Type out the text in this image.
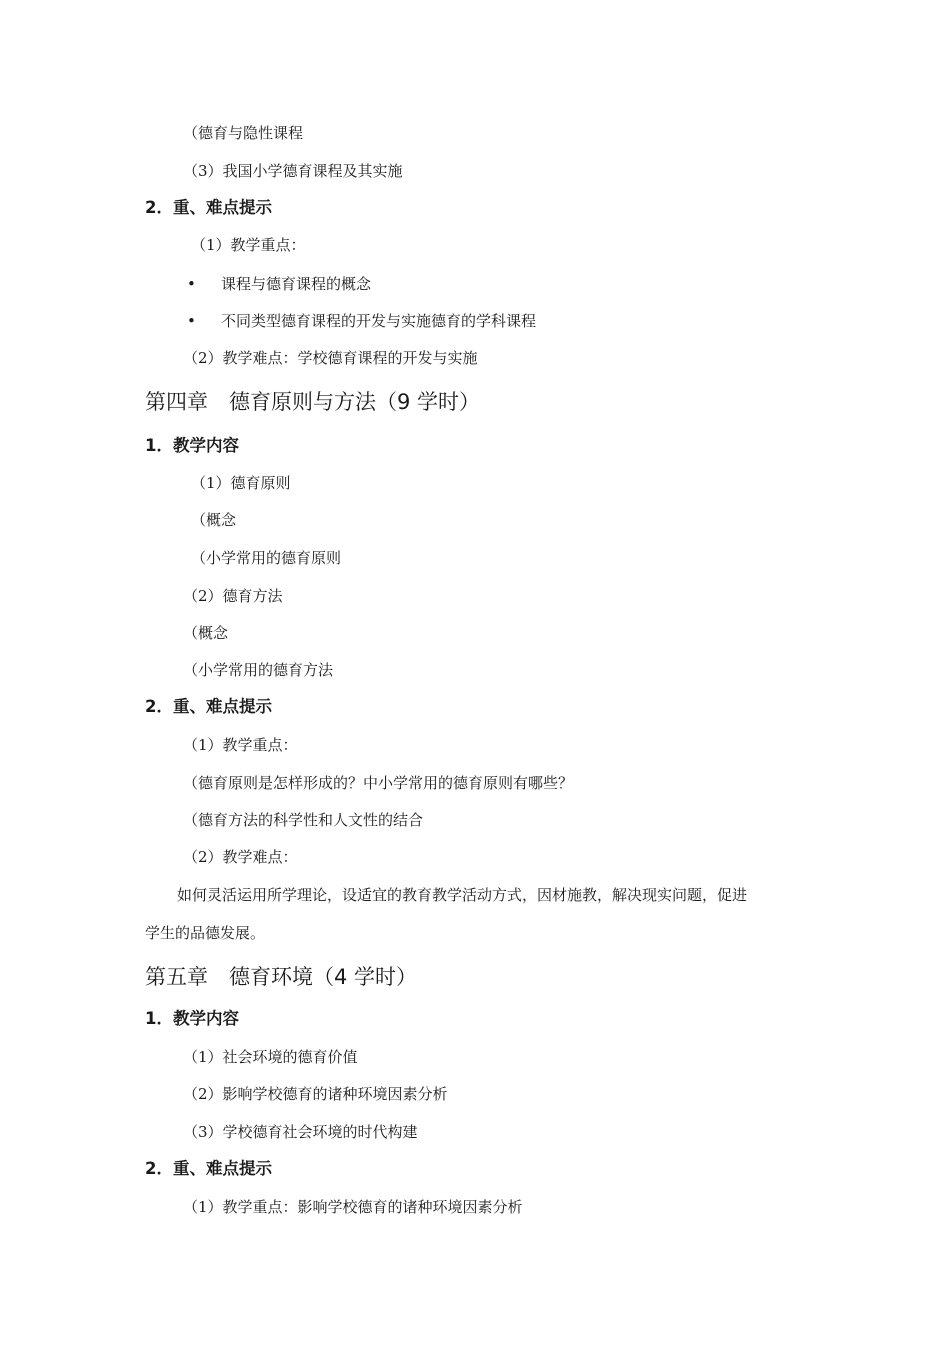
（德育与隐性课程
（3）我国小学德育课程及其实施
2．重、难点提示
（1）教学重点：
• 课程与德育课程的概念
• 不同类型德育课程的开发与实施德育的学科课程
（2）教学难点：学校德育课程的开发与实施
第四章　德育原则与方法（9 学时）
1．教学内容
（1）德育原则
（概念
（小学常用的德育原则
（2）德育方法
（概念
（小学常用的德育方法
2．重、难点提示
（1）教学重点：
（德育原则是怎样形成的？中小学常用的德育原则有哪些？
（德育方法的科学性和人文性的结合
（2）教学难点：
如何灵活运用所学理论，设适宜的教育教学活动方式，因材施教，解决现实问题，促进
学生的品德发展。
第五章　德育环境（4 学时）
1．教学内容
（1）社会环境的德育价值
（2）影响学校德育的诸种环境因素分析
（3）学校德育社会环境的时代构建
2．重、难点提示
（1）教学重点：影响学校德育的诸种环境因素分析
